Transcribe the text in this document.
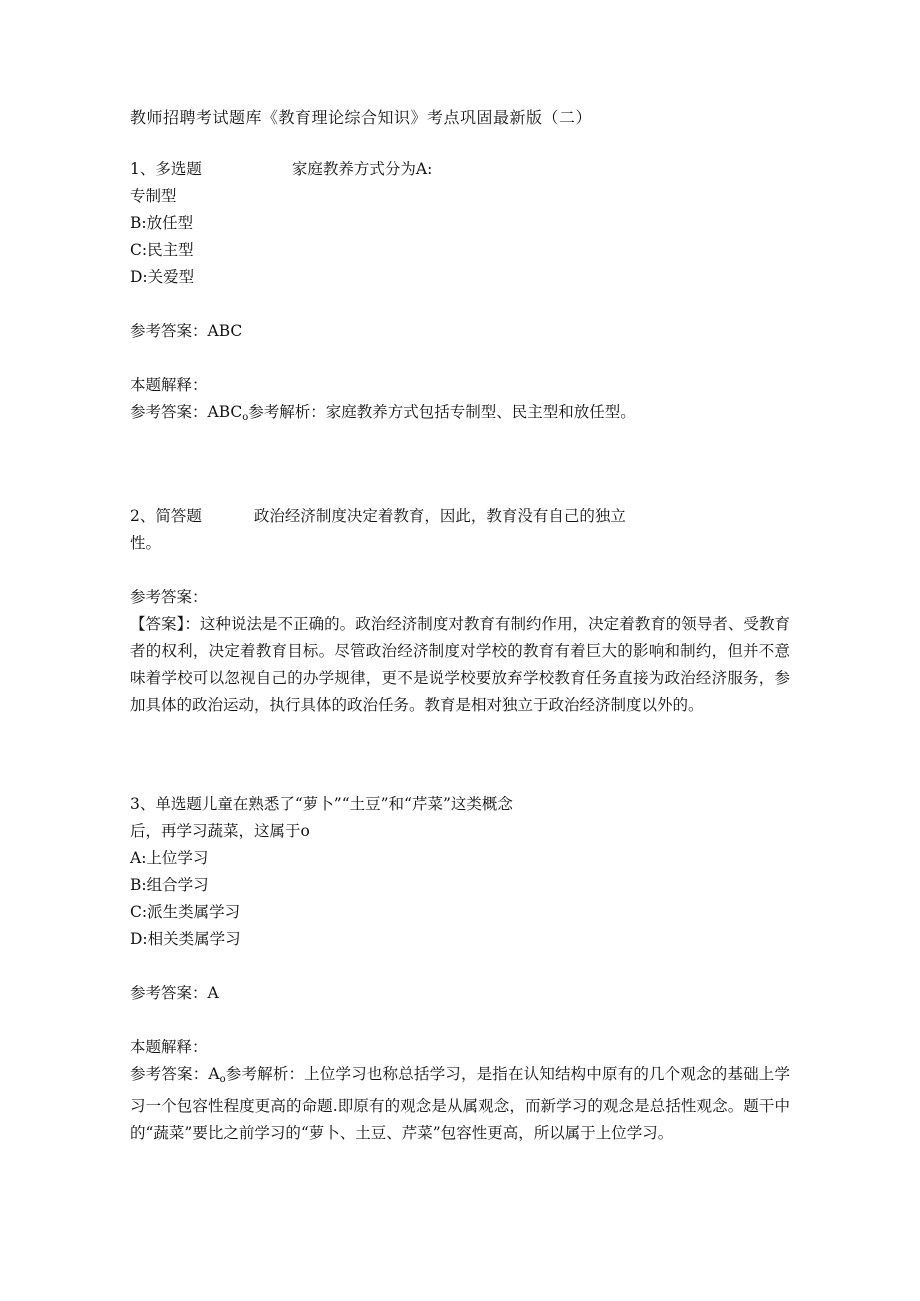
教师招聘考试题库《教育理论综合知识》考点巩固最新版（二）

1、多选题	家庭教养方式分为A:

专制型

B:放任型

C:民主型

D:关爱型

参考答案：ABC

本题解释：

参考答案：$ABC_o$参考解析：家庭教养方式包括专制型、民主型和放任型。

2、简答题	政治经济制度决定着教育，因此，教育没有自己的独立

性。

参考答案：

【答案】：这种说法是不正确的。政治经济制度对教育有制约作用，决定着教育的领导者、受教育者的权利，决定着教育目标。尽管政治经济制度对学校的教育有着巨大的影响和制约，但并不意味着学校可以忽视自己的办学规律，更不是说学校要放弃学校教育任务直接为政治经济服务，参加具体的政治运动，执行具体的政治任务。教育是相对独立于政治经济制度以外的。

3、单选题儿童在熟悉了“萝卜”“土豆”和“芹菜”这类概念

后，再学习蔬菜，这属于o

A:上位学习

B:组合学习

C:派生类属学习

D:相关类属学习

参考答案：A

本题解释：

参考答案：$A_o$参考解析：上位学习也称总括学习，是指在认知结构中原有的几个观念的基础上学习一个包容性程度更高的命题.即原有的观念是从属观念，而新学习的观念是总括性观念。题干中的“蔬菜”要比之前学习的“萝卜、土豆、芹菜”包容性更高，所以属于上位学习。
